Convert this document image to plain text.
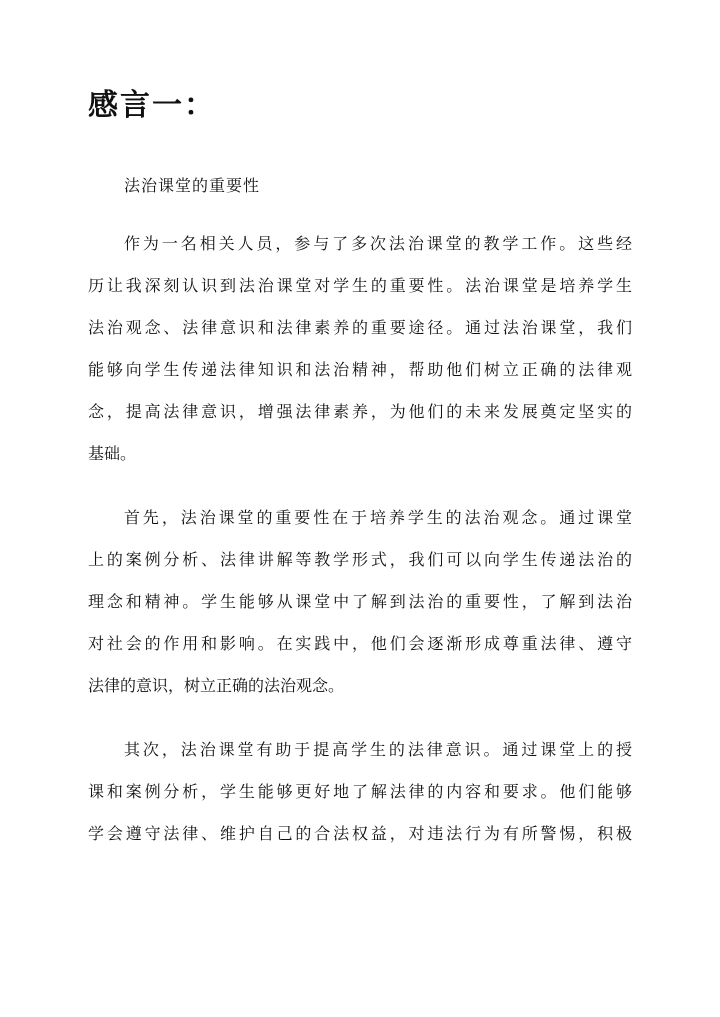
感言一：

法治课堂的重要性

作为一名相关人员，参与了多次法治课堂的教学工作。这些经
历让我深刻认识到法治课堂对学生的重要性。法治课堂是培养学生
法治观念、法律意识和法律素养的重要途径。通过法治课堂，我们
能够向学生传递法律知识和法治精神，帮助他们树立正确的法律观
念，提高法律意识，增强法律素养，为他们的未来发展奠定坚实的
基础。
首先，法治课堂的重要性在于培养学生的法治观念。通过课堂
上的案例分析、法律讲解等教学形式，我们可以向学生传递法治的
理念和精神。学生能够从课堂中了解到法治的重要性，了解到法治
对社会的作用和影响。在实践中，他们会逐渐形成尊重法律、遵守
法律的意识，树立正确的法治观念。
其次，法治课堂有助于提高学生的法律意识。通过课堂上的授
课和案例分析，学生能够更好地了解法律的内容和要求。他们能够
学会遵守法律、维护自己的合法权益，对违法行为有所警惕，积极
